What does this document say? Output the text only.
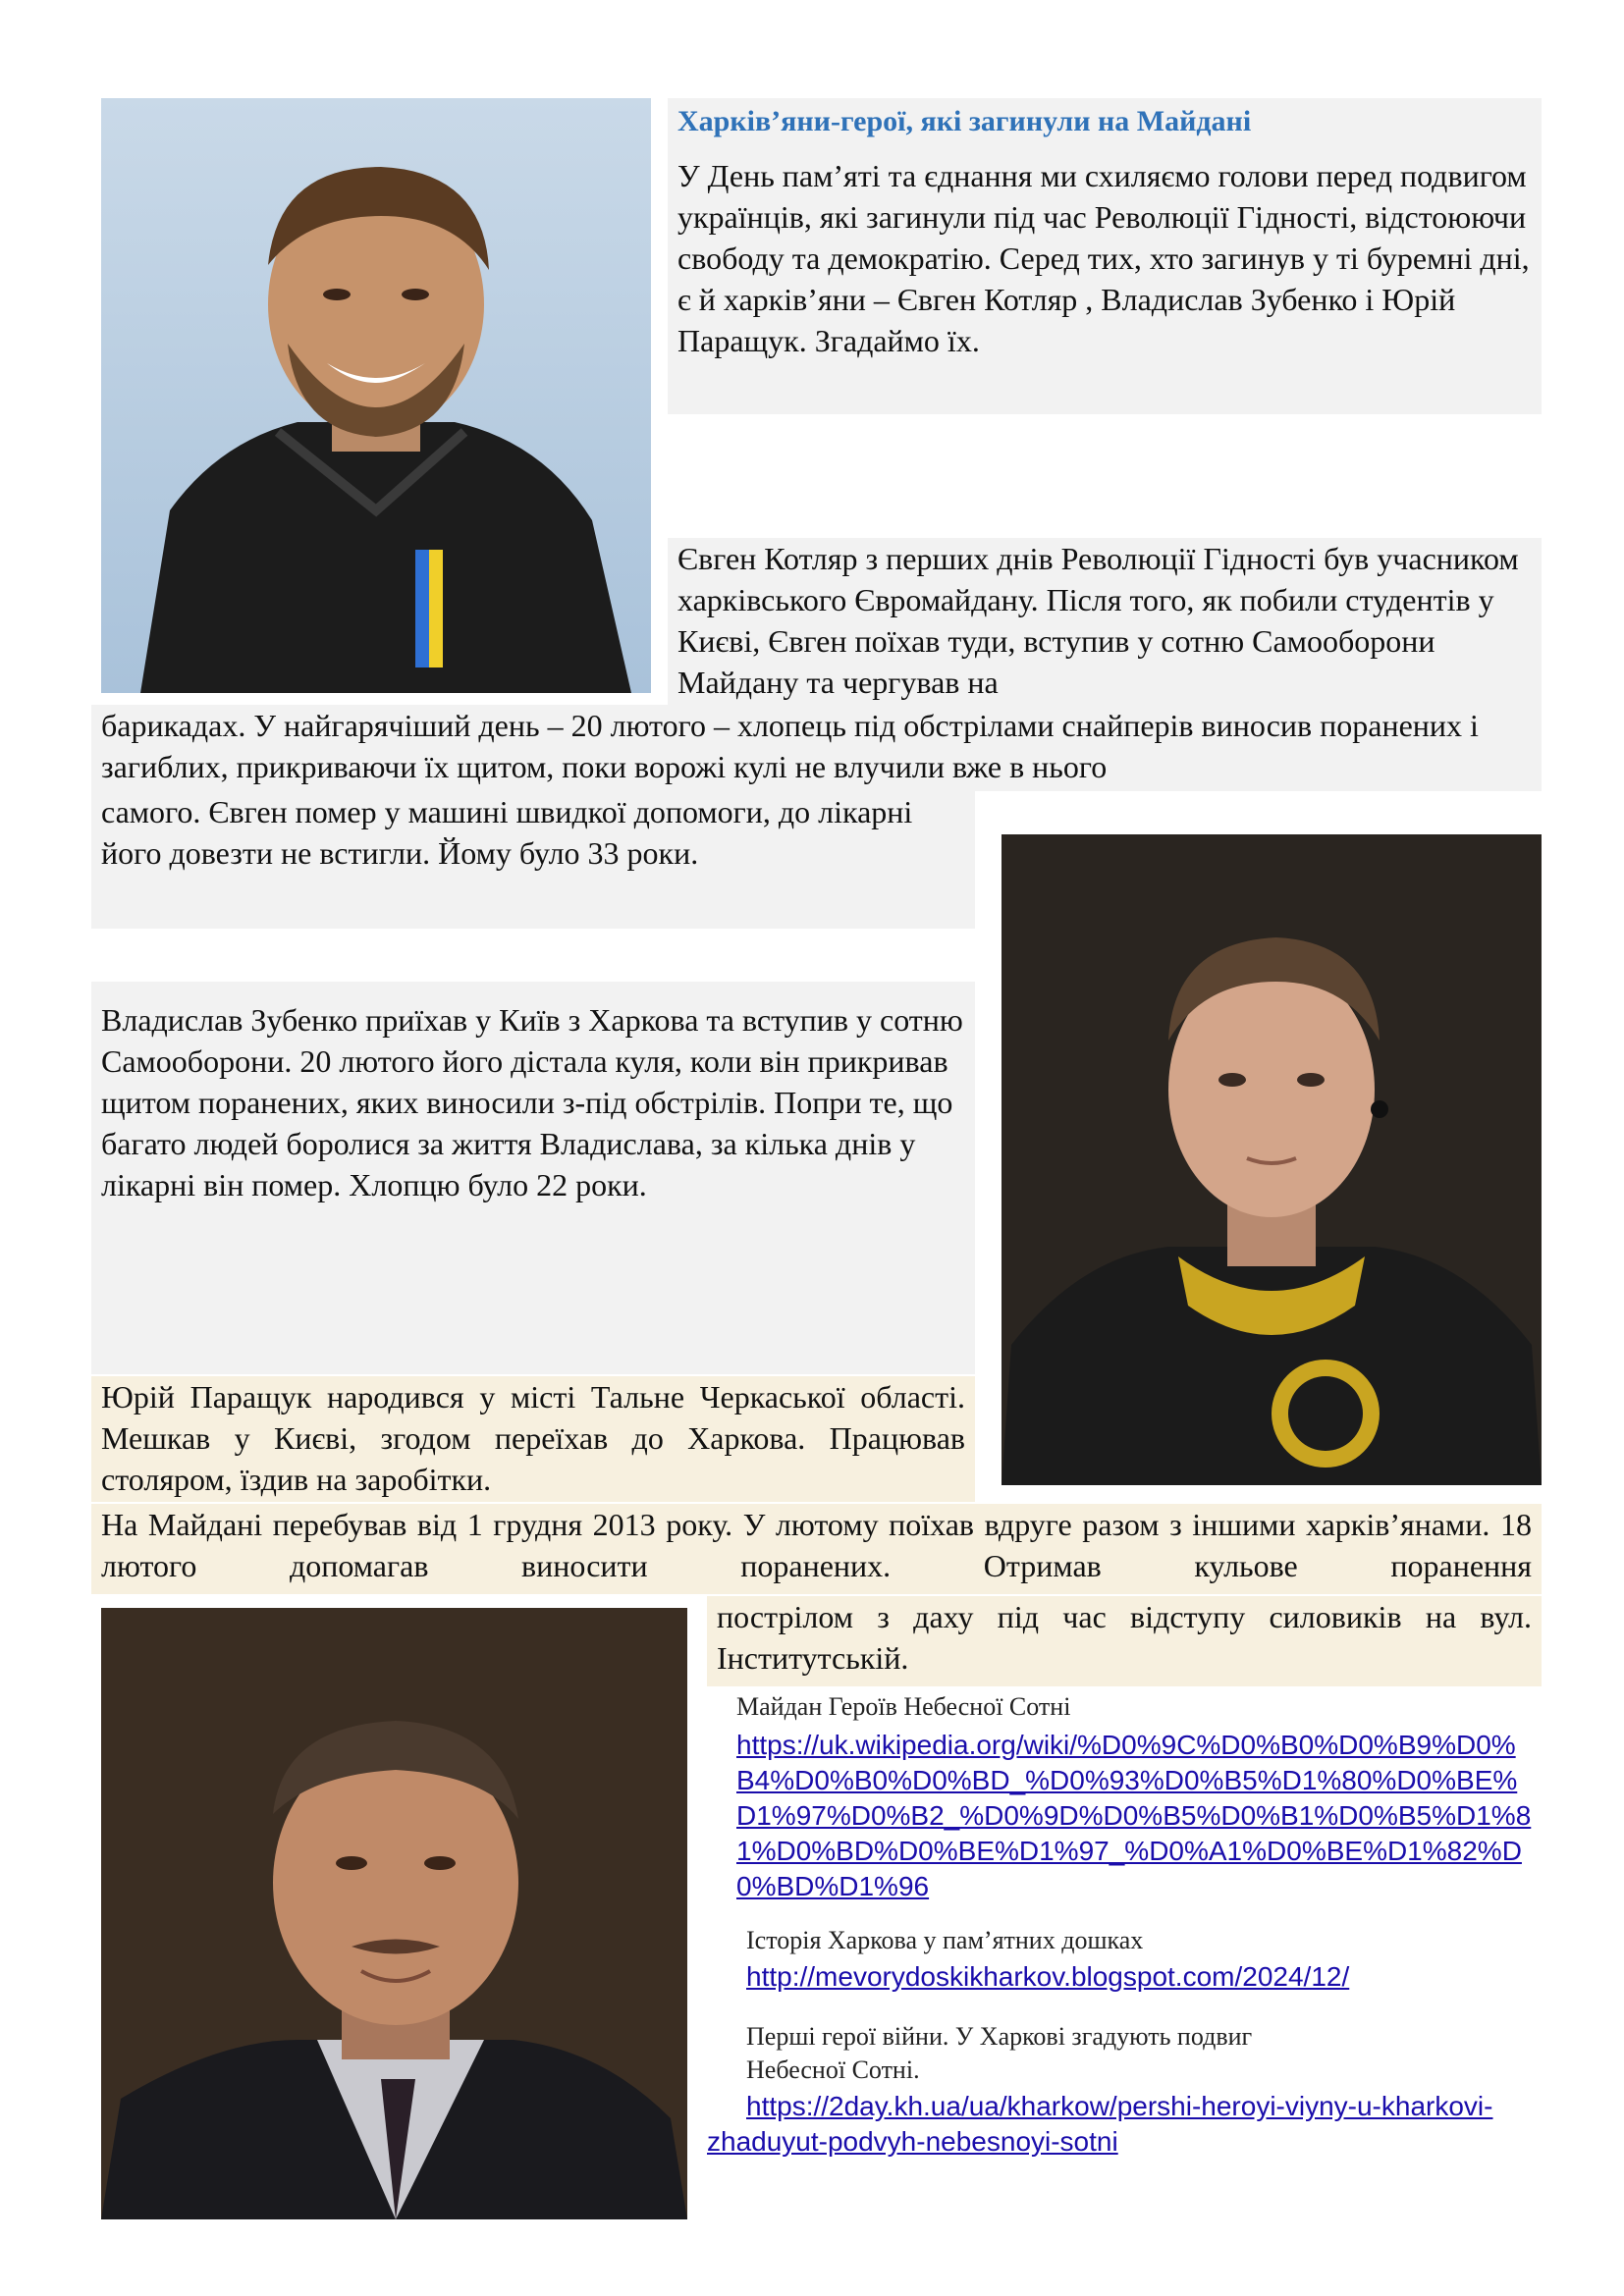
Харків’яни-герої, які загинули на Майдані

У День пам’яті та єднання ми схиляємо голови перед подвигом українців, які загинули під час Революції Гідності, відстоюючи свободу та демократію. Серед тих, хто загинув у ті буремні дні, є й харків’яни – Євген Котляр , Владислав Зубенко і Юрій Паращук. Згадаймо їх.

Євген Котляр з перших днів Революції Гідності був учасником харківського Євромайдану. Після того, як побили студентів у Києві, Євген поїхав туди, вступив у сотню Самооборони Майдану та чергував на

барикадах. У найгарячіший день – 20 лютого – хлопець під обстрілами снайперів виносив поранених і загиблих, прикриваючи їх щитом, поки ворожі кулі не влучили вже в нього

самого. Євген помер у машині швидкої допомоги, до лікарні його довезти не встигли. Йому було 33 роки.

Владислав Зубенко приїхав у Київ з Харкова та вступив у сотню Самооборони. 20 лютого його дістала куля, коли він прикривав щитом поранених, яких виносили з-під обстрілів. Попри те, що багато людей боролися за життя Владислава, за кілька днів у лікарні він помер. Хлопцю було 22 роки.

Юрій Паращук народився у місті Тальне Черкаської області. Мешкав у Києві, згодом переїхав до Харкова. Працював столяром, їздив на заробітки.

На Майдані перебував від 1 грудня 2013 року. У лютому поїхав вдруге разом з іншими харків’янами. 18 лютого допомагав виносити поранених. Отримав кульове поранення

пострілом з даху під час відступу силовиків на вул. Інститутській.

Майдан Героїв Небесної Сотні

https://uk.wikipedia.org/wiki/%D0%9C%D0%B0%D0%B9%D0%B4%D0%B0%D0%BD_%D0%93%D0%B5%D1%80%D0%BE%D1%97%D0%B2_%D0%9D%D0%B5%D0%B1%D0%B5%D1%81%D0%BD%D0%BE%D1%97_%D0%A1%D0%BE%D1%82%D0%BD%D1%96

Історія Харкова у пам’ятних дошках

http://mevorydoskikharkov.blogspot.com/2024/12/

Перші герої війни. У Харкові згадують подвиг Небесної Сотні.

https://2day.kh.ua/ua/kharkow/pershi-heroyi-viyny-u-kharkovi-zhaduyut-podvyh-nebesnoyi-sotni
